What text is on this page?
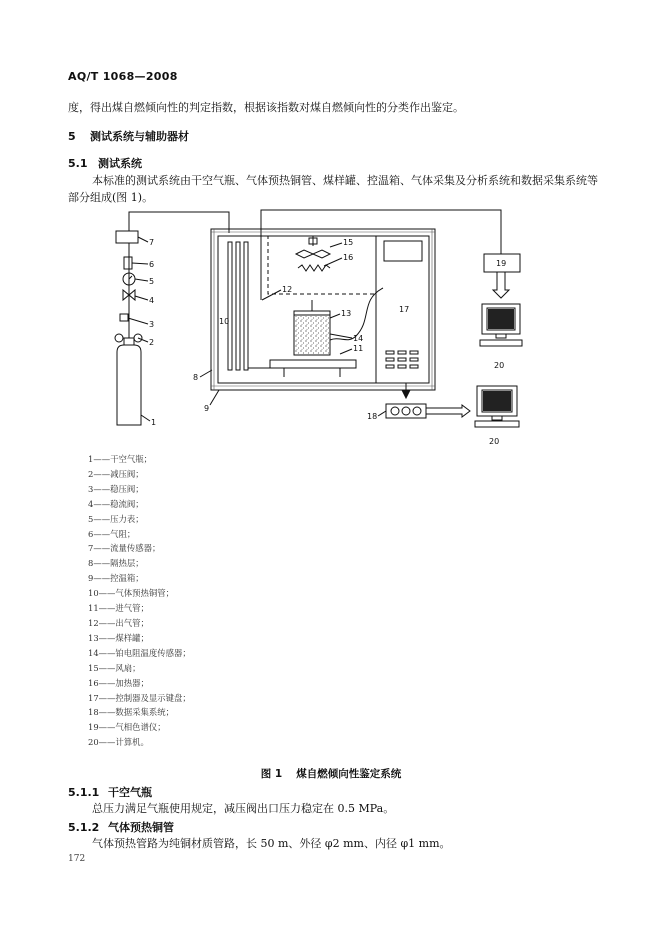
AQ/T 1068—2008
度，得出煤自燃倾向性的判定指数，根据该指数对煤自燃倾向性的分类作出鉴定。
5 测试系统与辅助器材
5.1 测试系统
本标准的测试系统由干空气瓶、气体预热铜管、煤样罐、控温箱、气体采集及分析系统和数据采集系统等部分组成(图 1)。
1
2
3
4
5
6
7
8
9
10
11
12
13
14
15
16
17
18
19
20
20
1——干空气瓶；
2——减压阀；
3——稳压阀；
4——稳流阀；
5——压力表；
6——气阻；
7——流量传感器；
8——隔热层；
9——控温箱；
10——气体预热铜管；
11——进气管；
12——出气管；
13——煤样罐；
14——铂电阻温度传感器；
15——风扇；
16——加热器；
17——控制器及显示键盘；
18——数据采集系统；
19——气相色谱仪；
20——计算机。
图 1 煤自燃倾向性鉴定系统
5.1.1 干空气瓶
总压力满足气瓶使用规定，减压阀出口压力稳定在 0.5 MPa。
5.1.2 气体预热铜管
气体预热管路为纯铜材质管路，长 50 m、外径 φ2 mm、内径 φ1 mm。
172
